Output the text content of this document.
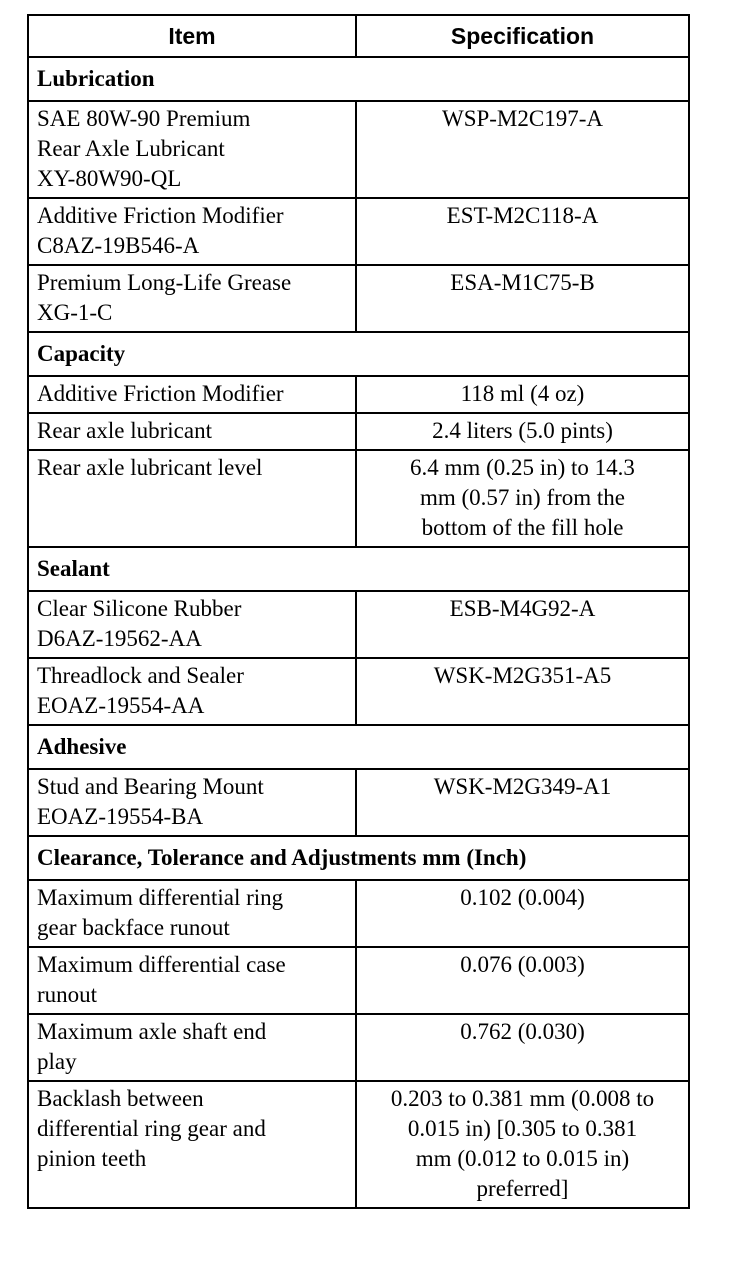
Item	Specification
Lubrication	

SAE 80W-90 Premium
Rear Axle Lubricant
XY-80W90-QL	WSP-M2C197-A

Additive Friction Modifier
C8AZ-19B546-A	EST-M2C118-A

Premium Long-Life Grease
XG-1-C	ESA-M1C75-B

Capacity	

Additive Friction Modifier	118 ml (4 oz)

Rear axle lubricant	2.4 liters (5.0 pints)

Rear axle lubricant level	6.4 mm (0.25 in) to 14.3
mm (0.57 in) from the
bottom of the fill hole

Sealant	

Clear Silicone Rubber
D6AZ-19562-AA	ESB-M4G92-A

Threadlock and Sealer
EOAZ-19554-AA	WSK-M2G351-A5

Adhesive	

Stud and Bearing Mount
EOAZ-19554-BA	WSK-M2G349-A1

Clearance, Tolerance and Adjustments mm (Inch)	

Maximum differential ring
gear backface runout	0.102 (0.004)

Maximum differential case
runout	0.076 (0.003)

Maximum axle shaft end
play	0.762 (0.030)

Backlash between
differential ring gear and
pinion teeth	0.203 to 0.381 mm (0.008 to
0.015 in) [0.305 to 0.381
mm (0.012 to 0.015 in)
preferred]
